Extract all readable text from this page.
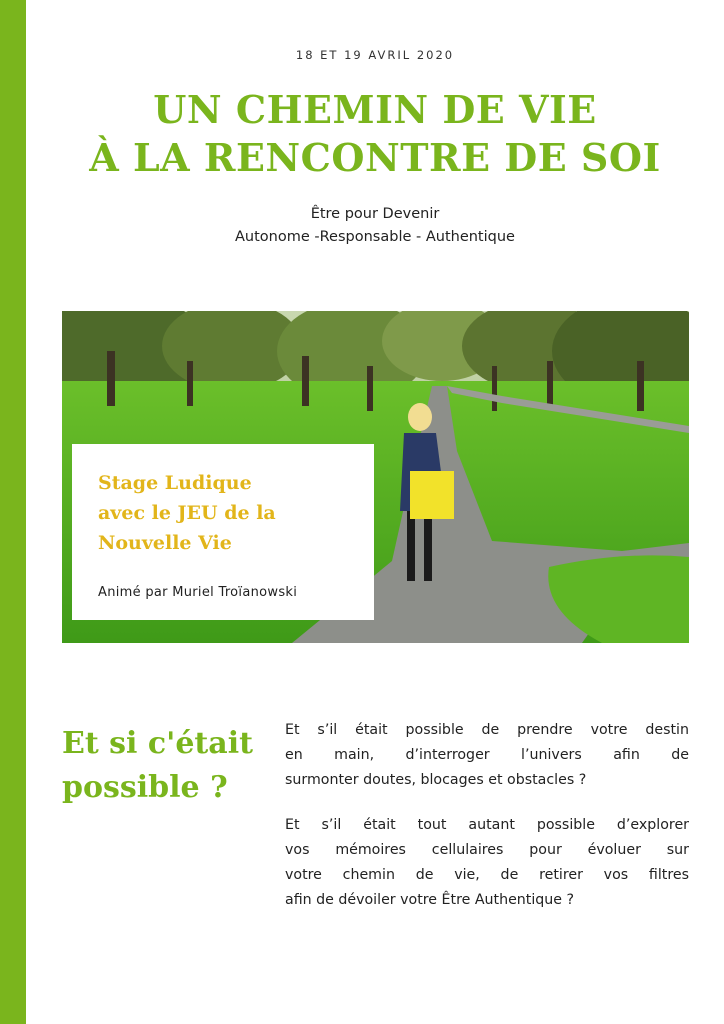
18 ET 19 AVRIL 2020
UN CHEMIN DE VIE
À LA RENCONTRE DE SOI
Être pour Devenir
Autonome -Responsable - Authentique
Stage Ludique
avec le JEU de la
Nouvelle Vie
Animé par Muriel Troïanowski
Et si c'était
possible ?
Et s’il était possible de prendre votre destin
en main, d’interroger l’univers afin de
surmonter doutes, blocages et obstacles ?
Et s’il était tout autant possible d’explorer
vos mémoires cellulaires pour évoluer sur
votre chemin de vie, de retirer vos filtres
afin de dévoiler votre Être Authentique ?
